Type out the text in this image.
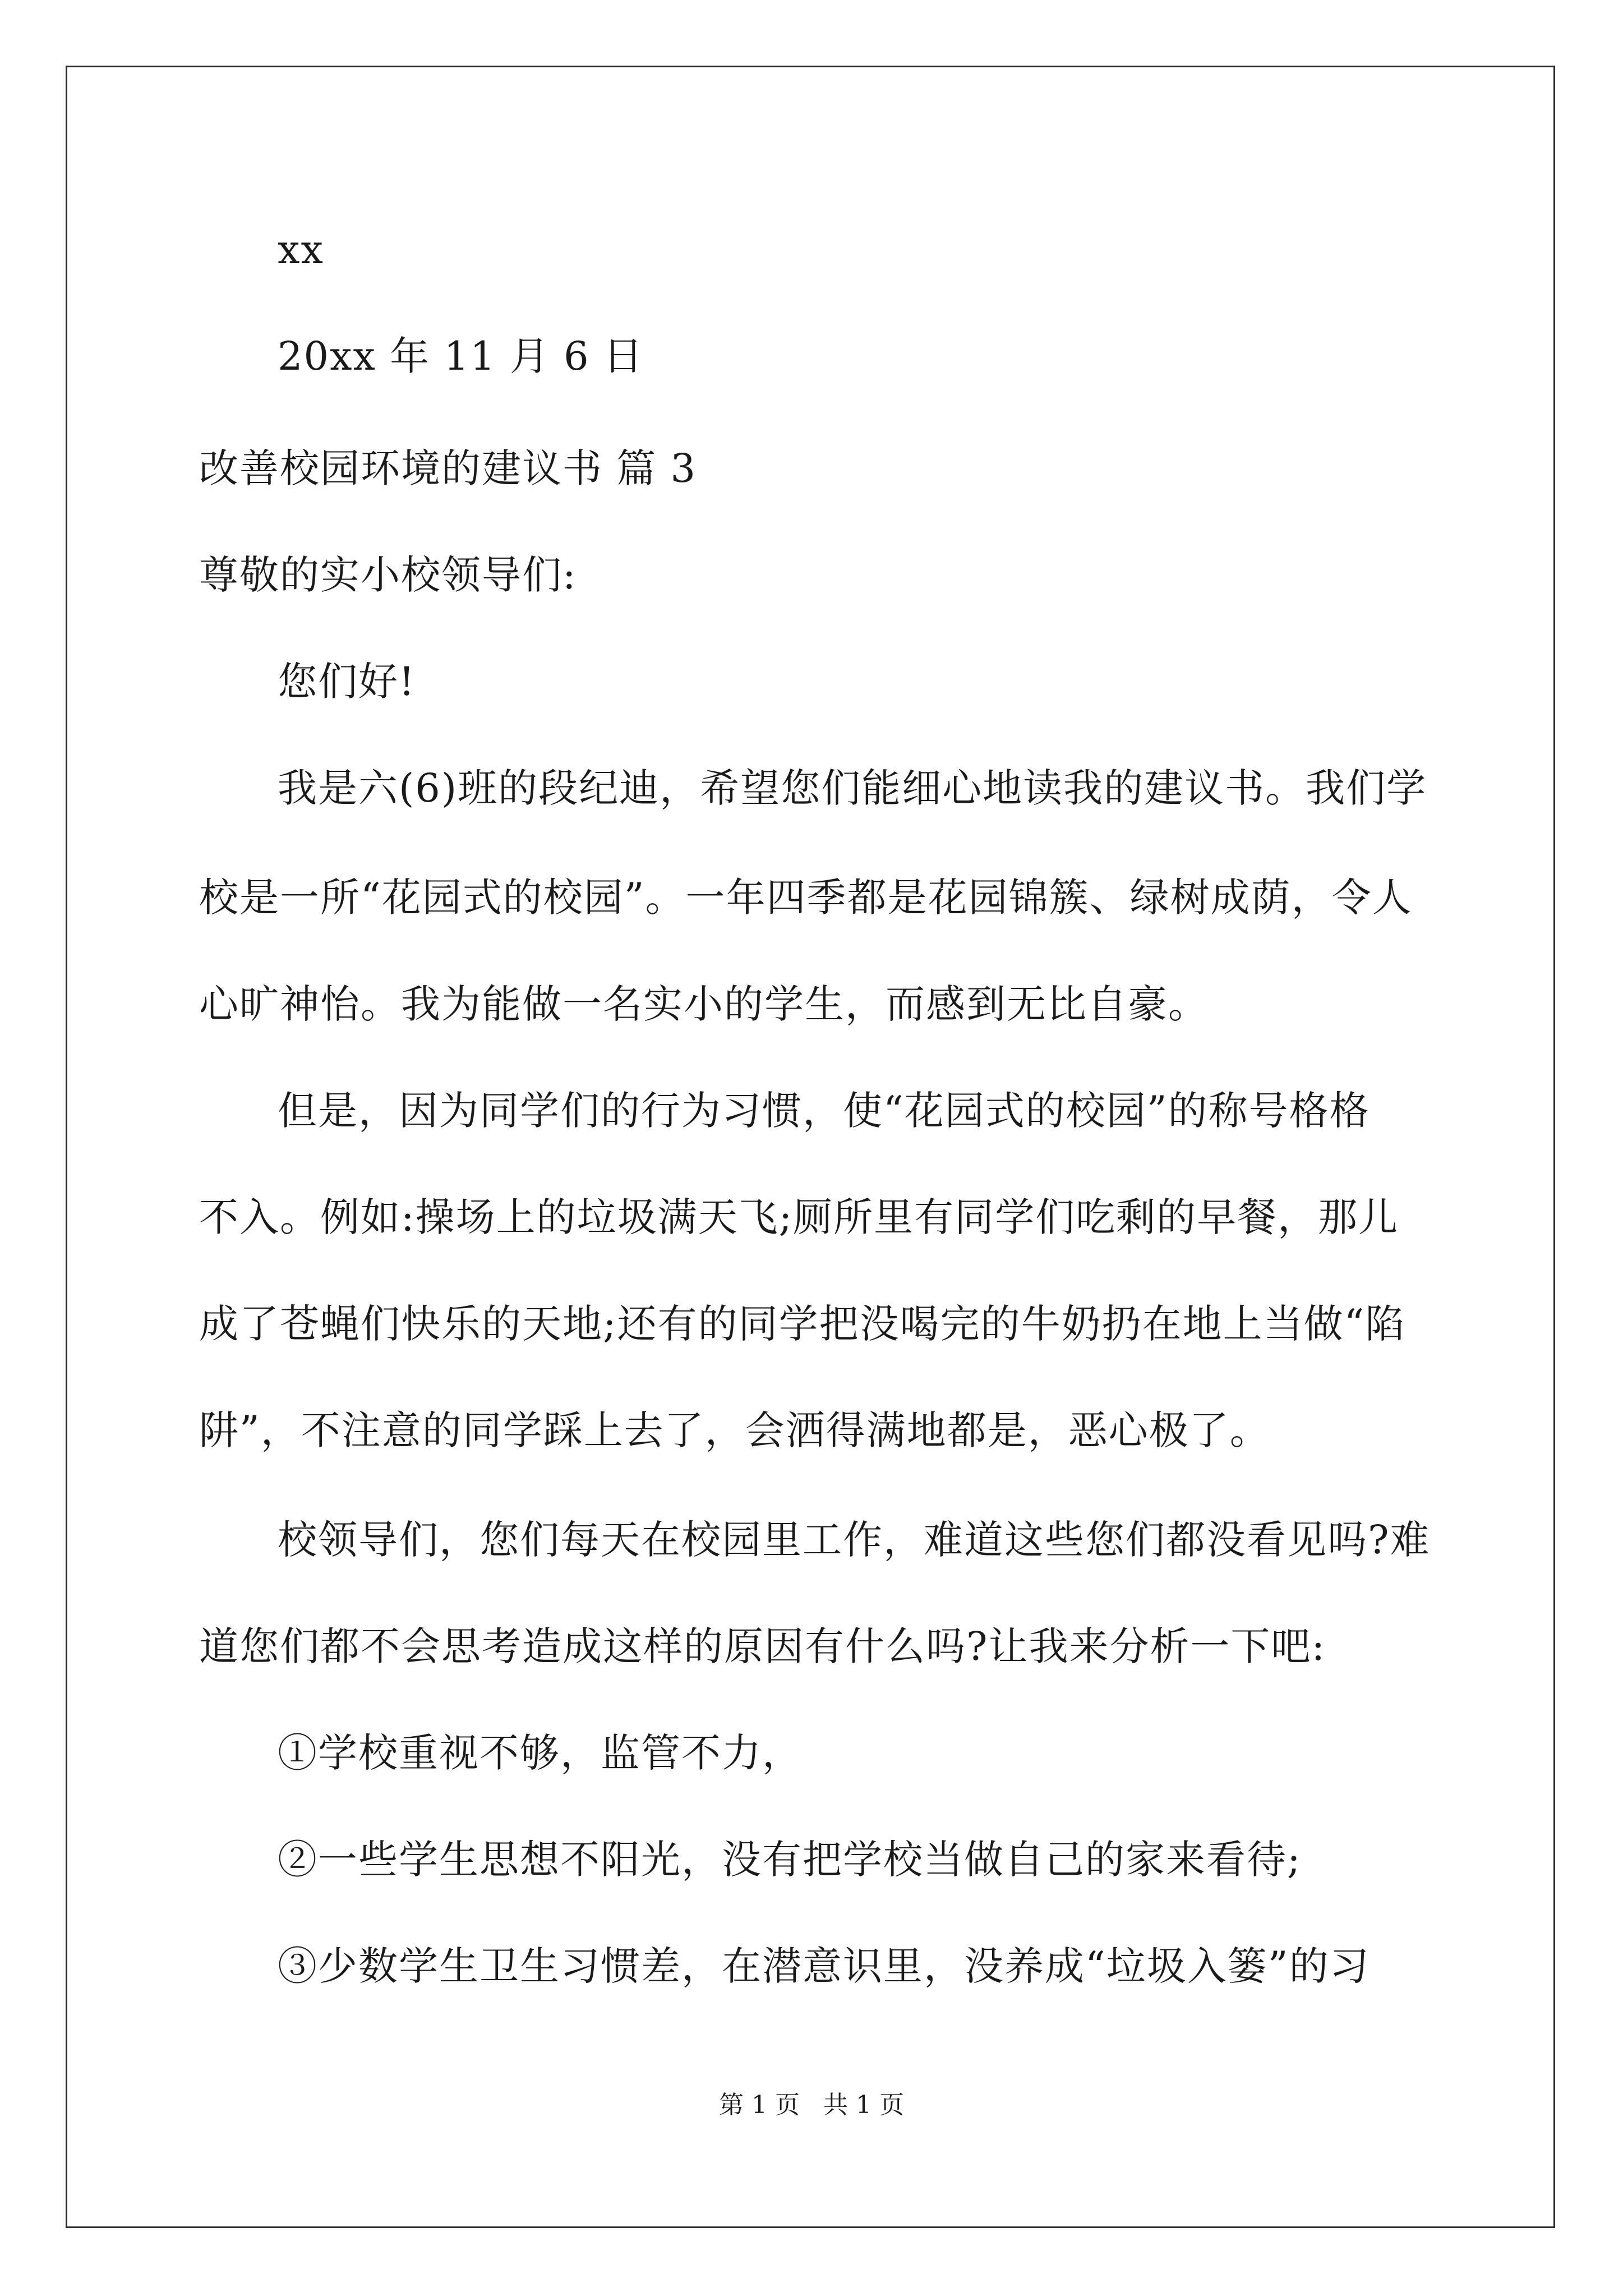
xx
20xx 年 11 月 6 日
改善校园环境的建议书 篇 3
尊敬的实小校领导们:
您们好!
我是六(6)班的段纪迪，希望您们能细心地读我的建议书。我们学
校是一所“花园式的校园”。一年四季都是花园锦簇、绿树成荫，令人
心旷神怡。我为能做一名实小的学生，而感到无比自豪。
但是，因为同学们的行为习惯，使“花园式的校园”的称号格格
不入。例如:操场上的垃圾满天飞;厕所里有同学们吃剩的早餐，那儿
成了苍蝇们快乐的天地;还有的同学把没喝完的牛奶扔在地上当做“陷
阱”，不注意的同学踩上去了，会洒得满地都是，恶心极了。
校领导们，您们每天在校园里工作，难道这些您们都没看见吗?难
道您们都不会思考造成这样的原因有什么吗?让我来分析一下吧:
①学校重视不够，监管不力，
②一些学生思想不阳光，没有把学校当做自己的家来看待;
③少数学生卫生习惯差，在潜意识里，没养成“垃圾入篓”的习
第 1 页   共 1 页
